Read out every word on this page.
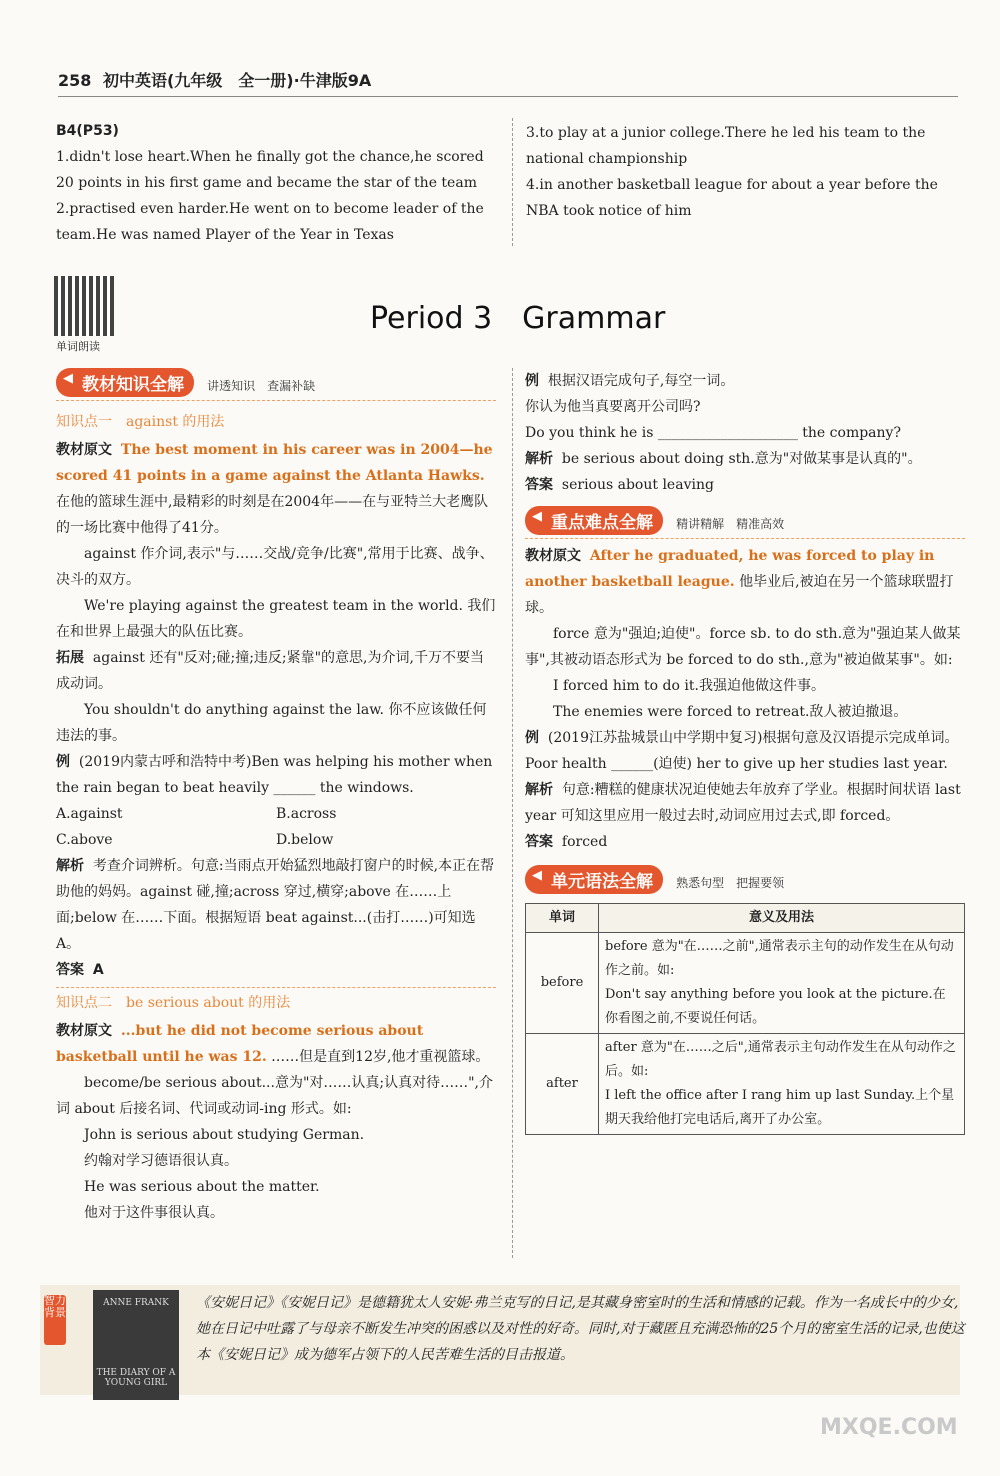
258 初中英语(九年级　全一册)·牛津版9A

B4(P53)

1.didn't lose heart.When he finally got the chance,he scored 20 points in his first game and became the star of the team

2.practised even harder.He went on to become leader of the team.He was named Player of the Year in Texas

3.to play at a junior college.There he led his team to the national championship

4.in another basketball league for about a year before the NBA took notice of him

单词朗读
Period 3　Grammar
◀ 教材知识全解 讲透知识　查漏补缺

知识点一　against 的用法

教材原文 The best moment in his career was in 2004—he scored 41 points in a game against the Atlanta Hawks. 在他的篮球生涯中,最精彩的时刻是在2004年——在与亚特兰大老鹰队的一场比赛中他得了41分。

against 作介词,表示"与……交战/竞争/比赛",常用于比赛、战争、决斗的双方。

We're playing against the greatest team in the world. 我们在和世界上最强大的队伍比赛。

拓展 against 还有"反对;碰;撞;违反;紧靠"的意思,为介词,千万不要当成动词。

You shouldn't do anything against the law. 你不应该做任何违法的事。

例 (2019内蒙古呼和浩特中考)Ben was helping his mother when the rain began to beat heavily ______ the windows.

A.against	B.across

C.above	D.below

解析 考查介词辨析。句意:当雨点开始猛烈地敲打窗户的时候,本正在帮助他的妈妈。against 碰,撞;across 穿过,横穿;above 在……上面;below 在……下面。根据短语 beat against...(击打……)可知选 A。

答案 A

知识点二　be serious about 的用法

教材原文 ...but he did not become serious about basketball until he was 12. ……但是直到12岁,他才重视篮球。

become/be serious about...意为"对……认真;认真对待……",介词 about 后接名词、代词或动词-ing 形式。如:

John is serious about studying German.

约翰对学习德语很认真。

He was serious about the matter.

他对于这件事很认真。

例 根据汉语完成句子,每空一词。

你认为他当真要离开公司吗?

Do you think he is ____________________ the company?

解析 be serious about doing sth.意为"对做某事是认真的"。

答案 serious about leaving

◀ 重点难点全解 精讲精解　精准高效

教材原文 After he graduated, he was forced to play in another basketball league. 他毕业后,被迫在另一个篮球联盟打球。

force 意为"强迫;迫使"。force sb. to do sth.意为"强迫某人做某事",其被动语态形式为 be forced to do sth.,意为"被迫做某事"。如:

I forced him to do it.我强迫他做这件事。

The enemies were forced to retreat.敌人被迫撤退。

例 (2019江苏盐城景山中学期中复习)根据句意及汉语提示完成单词。

Poor health ______(迫使) her to give up her studies last year.

解析 句意:糟糕的健康状况迫使她去年放弃了学业。根据时间状语 last year 可知这里应用一般过去时,动词应用过去式,即 forced。

答案 forced

◀ 单元语法全解 熟悉句型　把握要领
单词	意义及用法
before	before 意为"在……之前",通常表示主句的动作发生在从句动作之前。如:
Don't say anything before you look at the picture.在你看图之前,不要说任何话。

after	after 意为"在……之后",通常表示主句动作发生在从句动作之后。如:
I left the office after I rang him up last Sunday.上个星期天我给他打完电话后,离开了办公室。
智力背景
ANNE FRANK
THE DIARY OF A YOUNG GIRL
《安妮日记》《安妮日记》是德籍犹太人安妮·弗兰克写的日记,是其藏身密室时的生活和情感的记载。作为一名成长中的少女,她在日记中吐露了与母亲不断发生冲突的困惑以及对性的好奇。同时,对于藏匿且充满恐怖的25个月的密室生活的记录,也使这本《安妮日记》成为德军占领下的人民苦难生活的目击报道。
MXQE.COM
